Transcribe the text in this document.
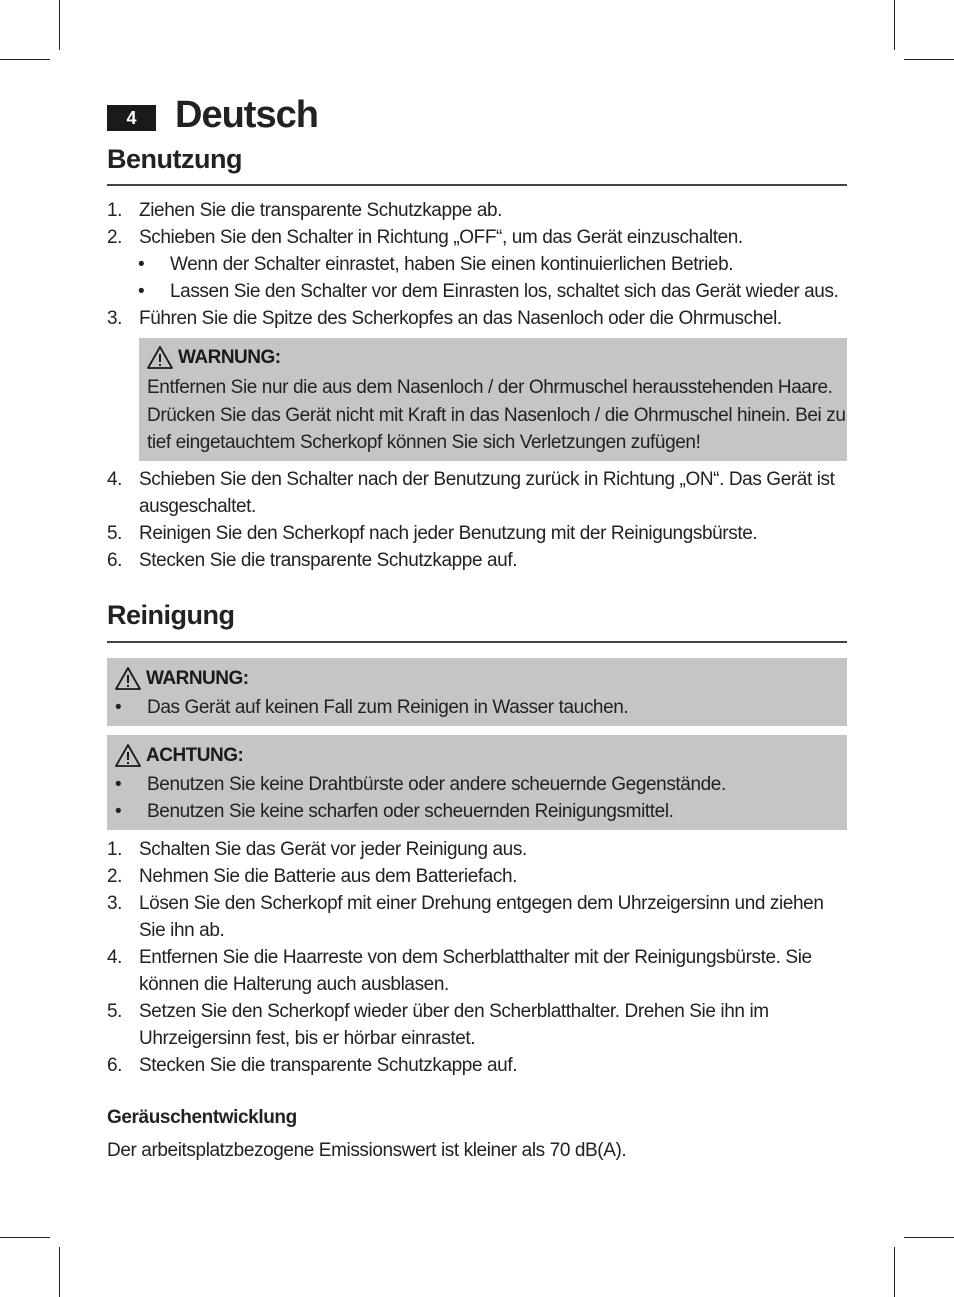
4	Deutsch
Benutzung
1. Ziehen Sie die transparente Schutzkappe ab.
2. Schieben Sie den Schalter in Richtung „OFF“, um das Gerät einzuschalten.
•	Wenn der Schalter einrastet, haben Sie einen kontinuierlichen Betrieb.
•	Lassen Sie den Schalter vor dem Einrasten los, schaltet sich das Gerät wieder aus.
3. Führen Sie die Spitze des Scherkopfes an das Nasenloch oder die Ohrmuschel.
WARNUNG:
Entfernen Sie nur die aus dem Nasenloch / der Ohrmuschel herausstehenden Haare. Drücken Sie das Gerät nicht mit Kraft in das Nasenloch / die Ohrmuschel hinein. Bei zu tief eingetauchtem Scherkopf können Sie sich Verletzungen zufügen!
4. Schieben Sie den Schalter nach der Benutzung zurück in Richtung „ON“. Das Gerät ist ausgeschaltet.
5. Reinigen Sie den Scherkopf nach jeder Benutzung mit der Reinigungsbürste.
6. Stecken Sie die transparente Schutzkappe auf.
Reinigung
WARNUNG:
•	Das Gerät auf keinen Fall zum Reinigen in Wasser tauchen.
ACHTUNG:
•	Benutzen Sie keine Drahtbürste oder andere scheuernde Gegenstände.
•	Benutzen Sie keine scharfen oder scheuernden Reinigungsmittel.
1. Schalten Sie das Gerät vor jeder Reinigung aus.
2. Nehmen Sie die Batterie aus dem Batteriefach.
3. Lösen Sie den Scherkopf mit einer Drehung entgegen dem Uhrzeigersinn und ziehen Sie ihn ab.
4. Entfernen Sie die Haarreste von dem Scherblatthalter mit der Reinigungsbürste. Sie können die Halterung auch ausblasen.
5. Setzen Sie den Scherkopf wieder über den Scherblatthalter. Drehen Sie ihn im Uhrzeigersinn fest, bis er hörbar einrastet.
6. Stecken Sie die transparente Schutzkappe auf.
Geräuschentwicklung
Der arbeitsplatzbezogene Emissionswert ist kleiner als 70 dB(A).
